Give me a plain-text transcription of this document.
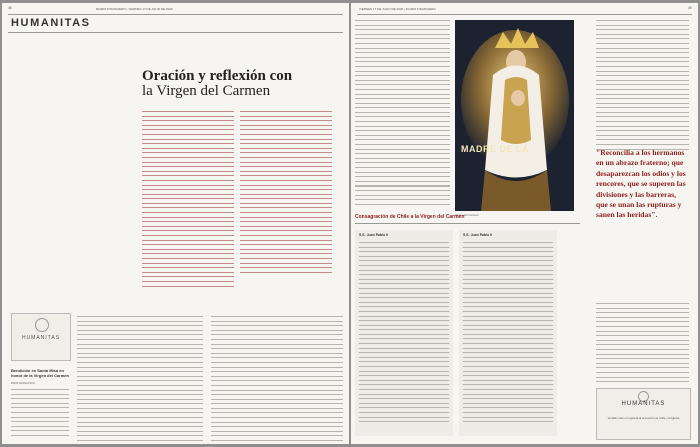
48	DIARIO FINANCIERO • VIERNES 17 DE JULIO DE 2020
HUMANITAS
Oración y reflexión con
la Virgen del Carmen
HUMANITAS
Bendición en Santa Misa en honor de la Virgen del Carmen
PAPA FRANCISCO
VIERNES 17 DE JULIO DE 2020 • DIARIO FINANCIERO	49
MADRE DE LA
Virgen del Carmen.
Consagración de Chile a la Virgen del Carmen
S.S. Juan Pablo II	S.S. Juan Pablo II
"Reconcilia a los hermanos en un abrazo fraterno; que desaparezcan los odios y los rencores, que se superen las divisiones y las barreras, que se unan las rupturas y sanen las heridas".
HUMANITAS
Vendido sólo en regional al encuentro de Chile y la Iglesia
